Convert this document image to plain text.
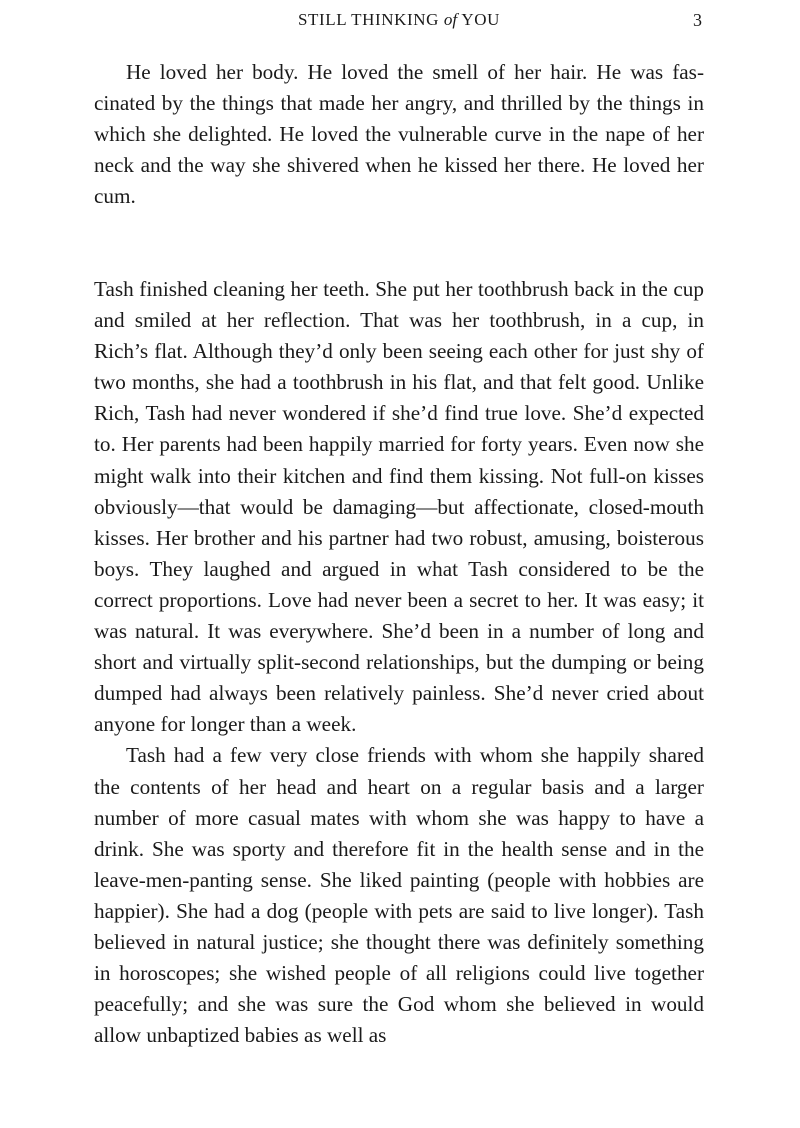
STILL THINKING of YOU	3

He loved her body. He loved the smell of her hair. He was fascinated by the things that made her angry, and thrilled by the things in which she delighted. He loved the vulnerable curve in the nape of her neck and the way she shivered when he kissed her there. He loved her cum.

Tash finished cleaning her teeth. She put her toothbrush back in the cup and smiled at her reflection. That was her toothbrush, in a cup, in Rich’s flat. Although they’d only been seeing each other for just shy of two months, she had a toothbrush in his flat, and that felt good. Unlike Rich, Tash had never wondered if she’d find true love. She’d expected to. Her parents had been happily married for forty years. Even now she might walk into their kitchen and find them kissing. Not full-on kisses obviously—that would be damaging—but affectionate, closed-mouth kisses. Her brother and his partner had two robust, amusing, boisterous boys. They laughed and argued in what Tash considered to be the correct proportions. Love had never been a secret to her. It was easy; it was natural. It was everywhere. She’d been in a number of long and short and virtually split-second relationships, but the dumping or being dumped had always been relatively painless. She’d never cried about anyone for longer than a week.

Tash had a few very close friends with whom she happily shared the contents of her head and heart on a regular basis and a larger number of more casual mates with whom she was happy to have a drink. She was sporty and therefore fit in the health sense and in the leave-men-panting sense. She liked painting (people with hobbies are happier). She had a dog (people with pets are said to live longer). Tash believed in natural justice; she thought there was definitely something in horoscopes; she wished people of all religions could live together peacefully; and she was sure the God whom she believed in would allow unbaptized babies as well as
